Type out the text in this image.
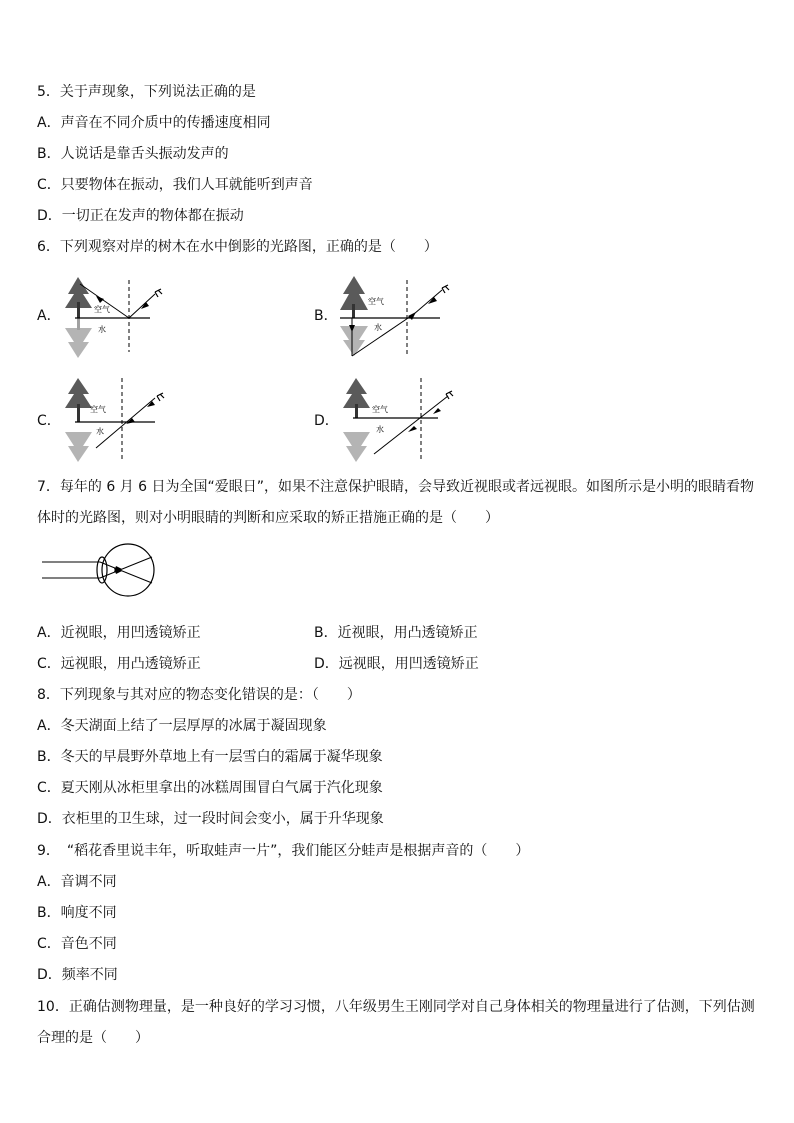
5．关于声现象，下列说法正确的是
A．声音在不同介质中的传播速度相同
B．人说话是靠舌头振动发声的
C．只要物体在振动，我们人耳就能听到声音
D．一切正在发声的物体都在振动
6．下列观察对岸的树木在水中倒影的光路图，正确的是（　　）
A．	空气
水
B．
空气
水
C．
空气
水
D．
空气
水
7．每年的 6 月 6 日为全国“爱眼日”，如果不注意保护眼睛，会导致近视眼或者远视眼。如图所示是小明的眼睛看物
体时的光路图，则对小明眼睛的判断和应采取的矫正措施正确的是（　　）
A．近视眼，用凹透镜矫正	B．近视眼，用凸透镜矫正
C．远视眼，用凸透镜矫正	D．远视眼，用凹透镜矫正
8．下列现象与其对应的物态变化错误的是：（　　）
A．冬天湖面上结了一层厚厚的冰属于凝固现象
B．冬天的早晨野外草地上有一层雪白的霜属于凝华现象
C．夏天刚从冰柜里拿出的冰糕周围冒白气属于汽化现象
D．衣柜里的卫生球，过一段时间会变小，属于升华现象
9．　“稻花香里说丰年，听取蛙声一片”，我们能区分蛙声是根据声音的（　　）
A．音调不同
B．响度不同
C．音色不同
D．频率不同
10．正确估测物理量，是一种良好的学习习惯，八年级男生王刚同学对自己身体相关的物理量进行了估测，下列估测
合理的是（　　）
